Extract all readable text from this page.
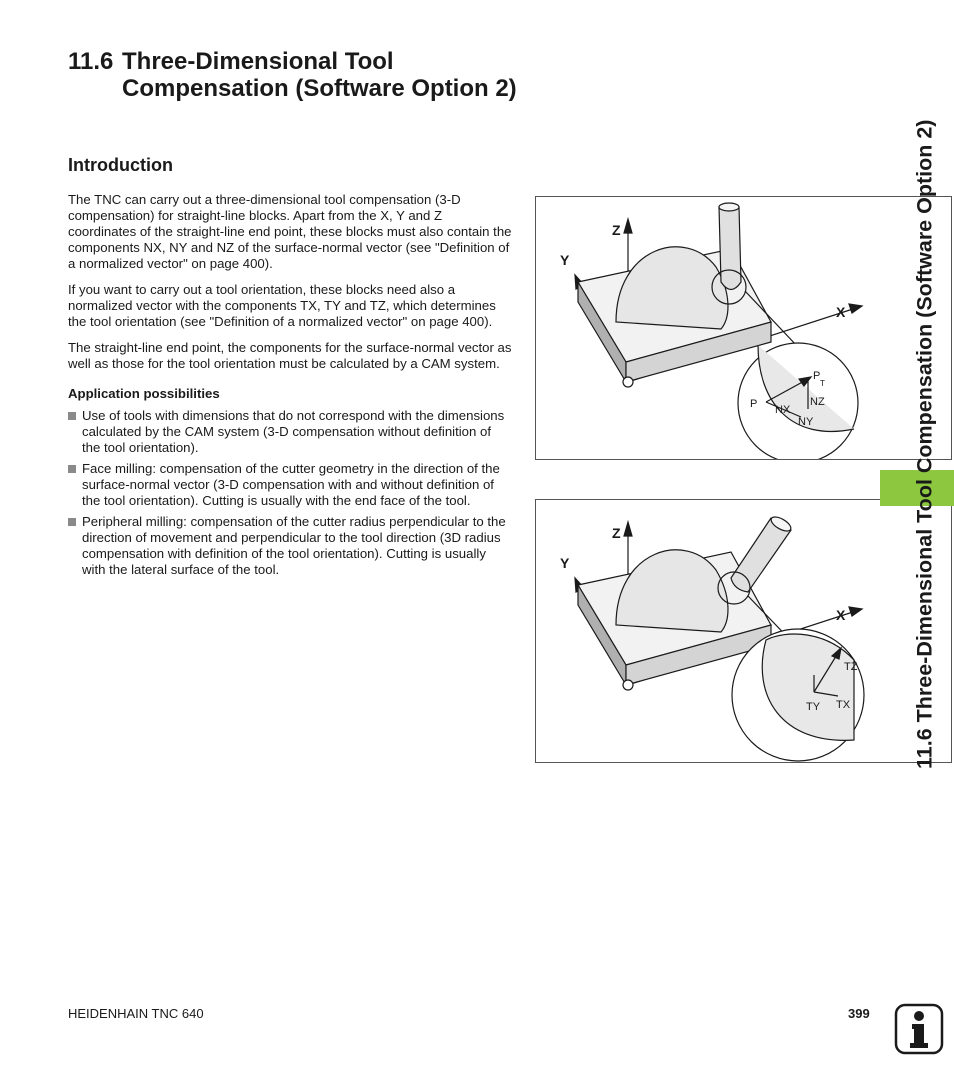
11.6 Three-Dimensional Tool Compensation (Software Option 2)
Introduction

The TNC can carry out a three-dimensional tool compensation (3-D compensation) for straight-line blocks. Apart from the X, Y and Z coordinates of the straight-line end point, these blocks must also contain the components NX, NY and NZ of the surface-normal vector (see "Definition of a normalized vector" on page 400).

If you want to carry out a tool orientation, these blocks need also a normalized vector with the components TX, TY and TZ, which determines the tool orientation (see "Definition of a normalized vector" on page 400).

The straight-line end point, the components for the surface-normal vector as well as those for the tool orientation must be calculated by a CAM system.

Application possibilities
Use of tools with dimensions that do not correspond with the dimensions calculated by the CAM system (3-D compensation without definition of the tool orientation).
Face milling: compensation of the cutter geometry in the direction of the surface-normal vector (3-D compensation with and without definition of the tool orientation). Cutting is usually with the end face of the tool.
Peripheral milling: compensation of the cutter radius perpendicular to the direction of movement and perpendicular to the tool direction (3D radius compensation with definition of the tool orientation). Cutting is usually with the lateral surface of the tool.
Z
Y
X
P
P
T
NX
NZ
NY
Z
Y
X
TZ
TX
TY	11.6 Three-Dimensional Tool Compensation (Software Option 2)
HEIDENHAIN TNC 640	399
